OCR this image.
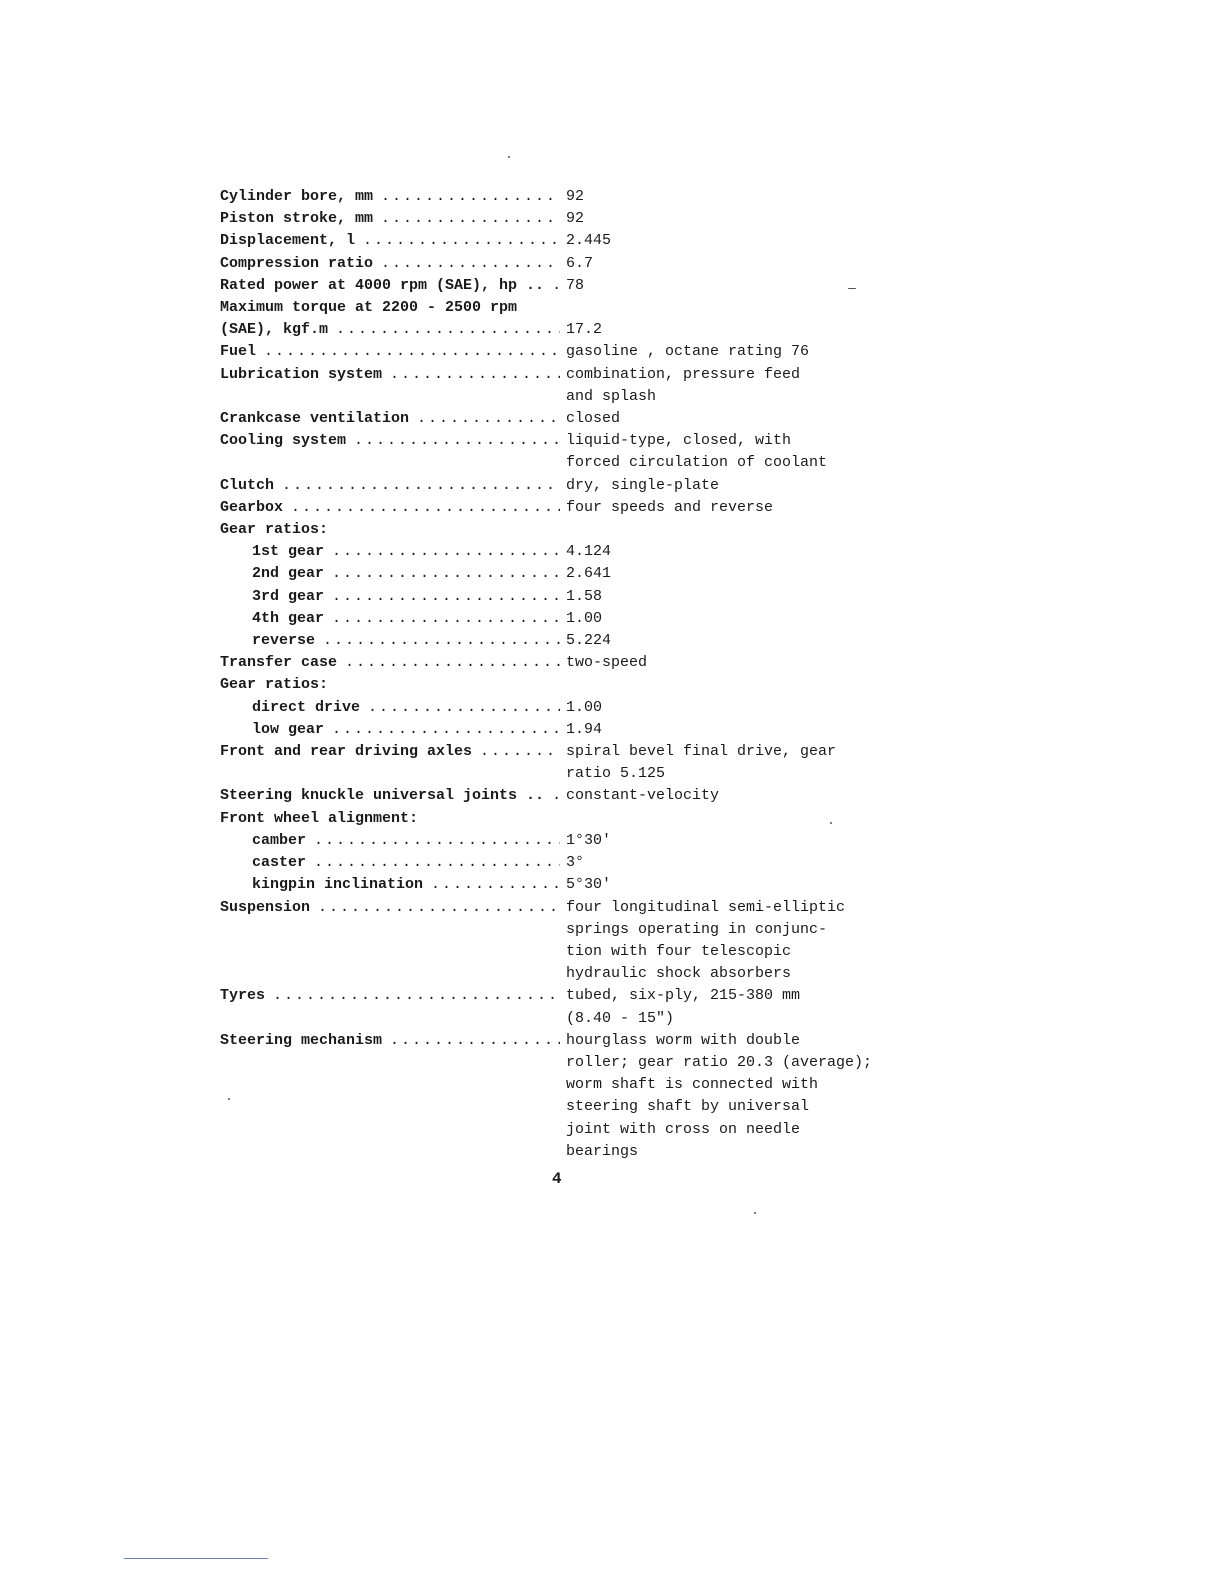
Cylinder bore, mm .....	92
Piston stroke, mm .....	92
Displacement, l .....	2.445
Compression ratio .....	6.7
Rated power at 4000 rpm (SAE), hp .. ..... 78
Maximum torque at 2200 - 2500 rpm
(SAE), kgf.m .....	17.2
Fuel .....	gasoline , octane rating 76
Lubrication system .....	combination, pressure feed
and splash
Crankcase ventilation .....	closed
Cooling system .....	liquid-type, closed, with
forced circulation of coolant
Clutch .....	dry, single-plate
Gearbox .....	four speeds and reverse
Gear ratios:
1st gear .....	4.124
2nd gear .....	2.641
3rd gear .....	1.58
4th gear .....	1.00
reverse .....	5.224
Transfer case .....	two-speed
Gear ratios:
direct drive .....	1.00
low gear .....	1.94
Front and rear driving axles .....	spiral bevel final drive, gear
ratio 5.125
Steering knuckle universal joints .. ..... constant-velocity
Front wheel alignment:
camber .....	1°30'
caster .....	3°
kingpin inclination .....	5°30'
Suspension .....	four longitudinal semi-elliptic
springs operating in conjunc-
tion with four telescopic
hydraulic shock absorbers
Tyres .....	tubed, six-ply, 215-380 mm
(8.40 - 15")
Steering mechanism .....	hourglass worm with double
roller; gear ratio 20.3 (average);
worm shaft is connected with
steering shaft by universal
joint with cross on needle
bearings
4
